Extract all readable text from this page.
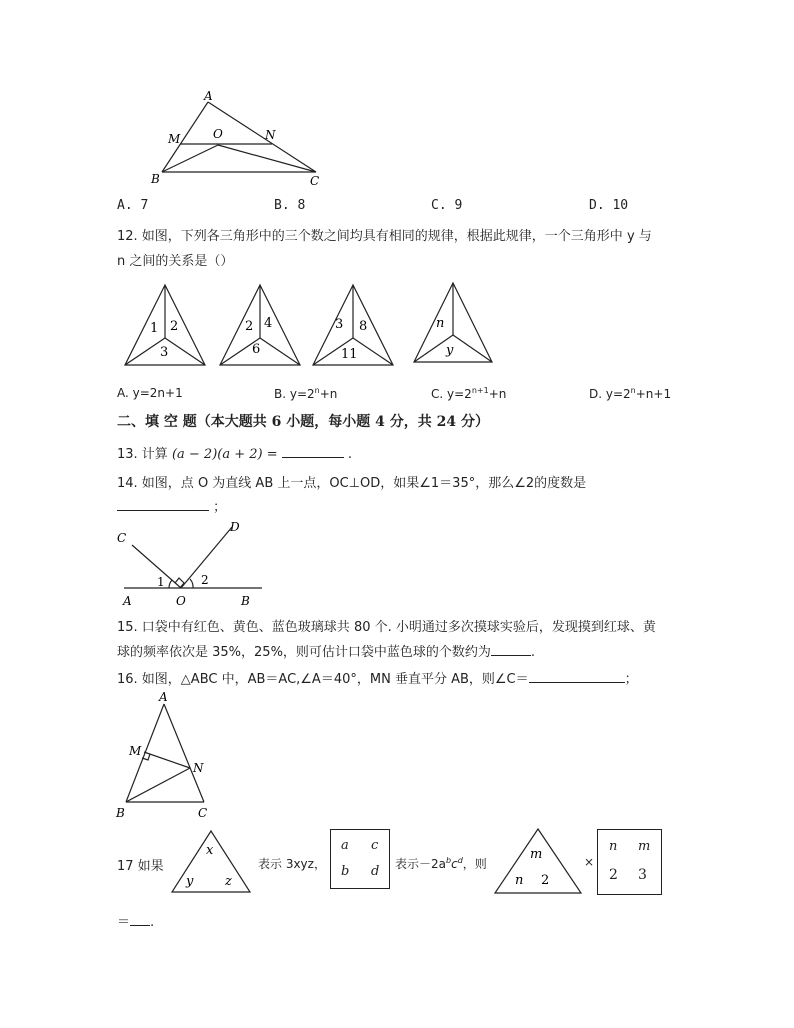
A
M	O	N
B	C
A. 7	B. 8	C. 9	D. 10
12. 如图，下列各三角形中的三个数之间均具有相同的规律，根据此规律，一个三角形中 y 与
n 之间的关系是（）
1 2
3
2 4
6
3 8
11
n
y
A. y=2n+1	B. $y=2^n+n$	C. $y=2^{n+1}+n$	D. $y=2^n+n+1$
二、填 空 题（本大题共 6 小题，每小题 4 分，共 24 分）
13. 计算 (a − 2)(a + 2) =	.
14. 如图，点 O 为直线 AB 上一点，OC⊥OD，如果∠1＝35°，那么∠2的度数是
；
C
D
1	2
A	O	B
15. 口袋中有红色、黄色、蓝色玻璃球共 80 个. 小明通过多次摸球实验后，发现摸到红球、黄
球的频率依次是 35%，25%，则可估计口袋中蓝色球的个数约为	.
16. 如图，△ABC 中，AB＝AC,∠A＝40°，MN 垂直平分 AB，则∠C＝	；
A
M
N
B	C
17 如果
x
y z
表示 3xyz，
a c
b d 表示$-2a^bc^d$，则
m
n 2
×
n m
2 3
＝ .
